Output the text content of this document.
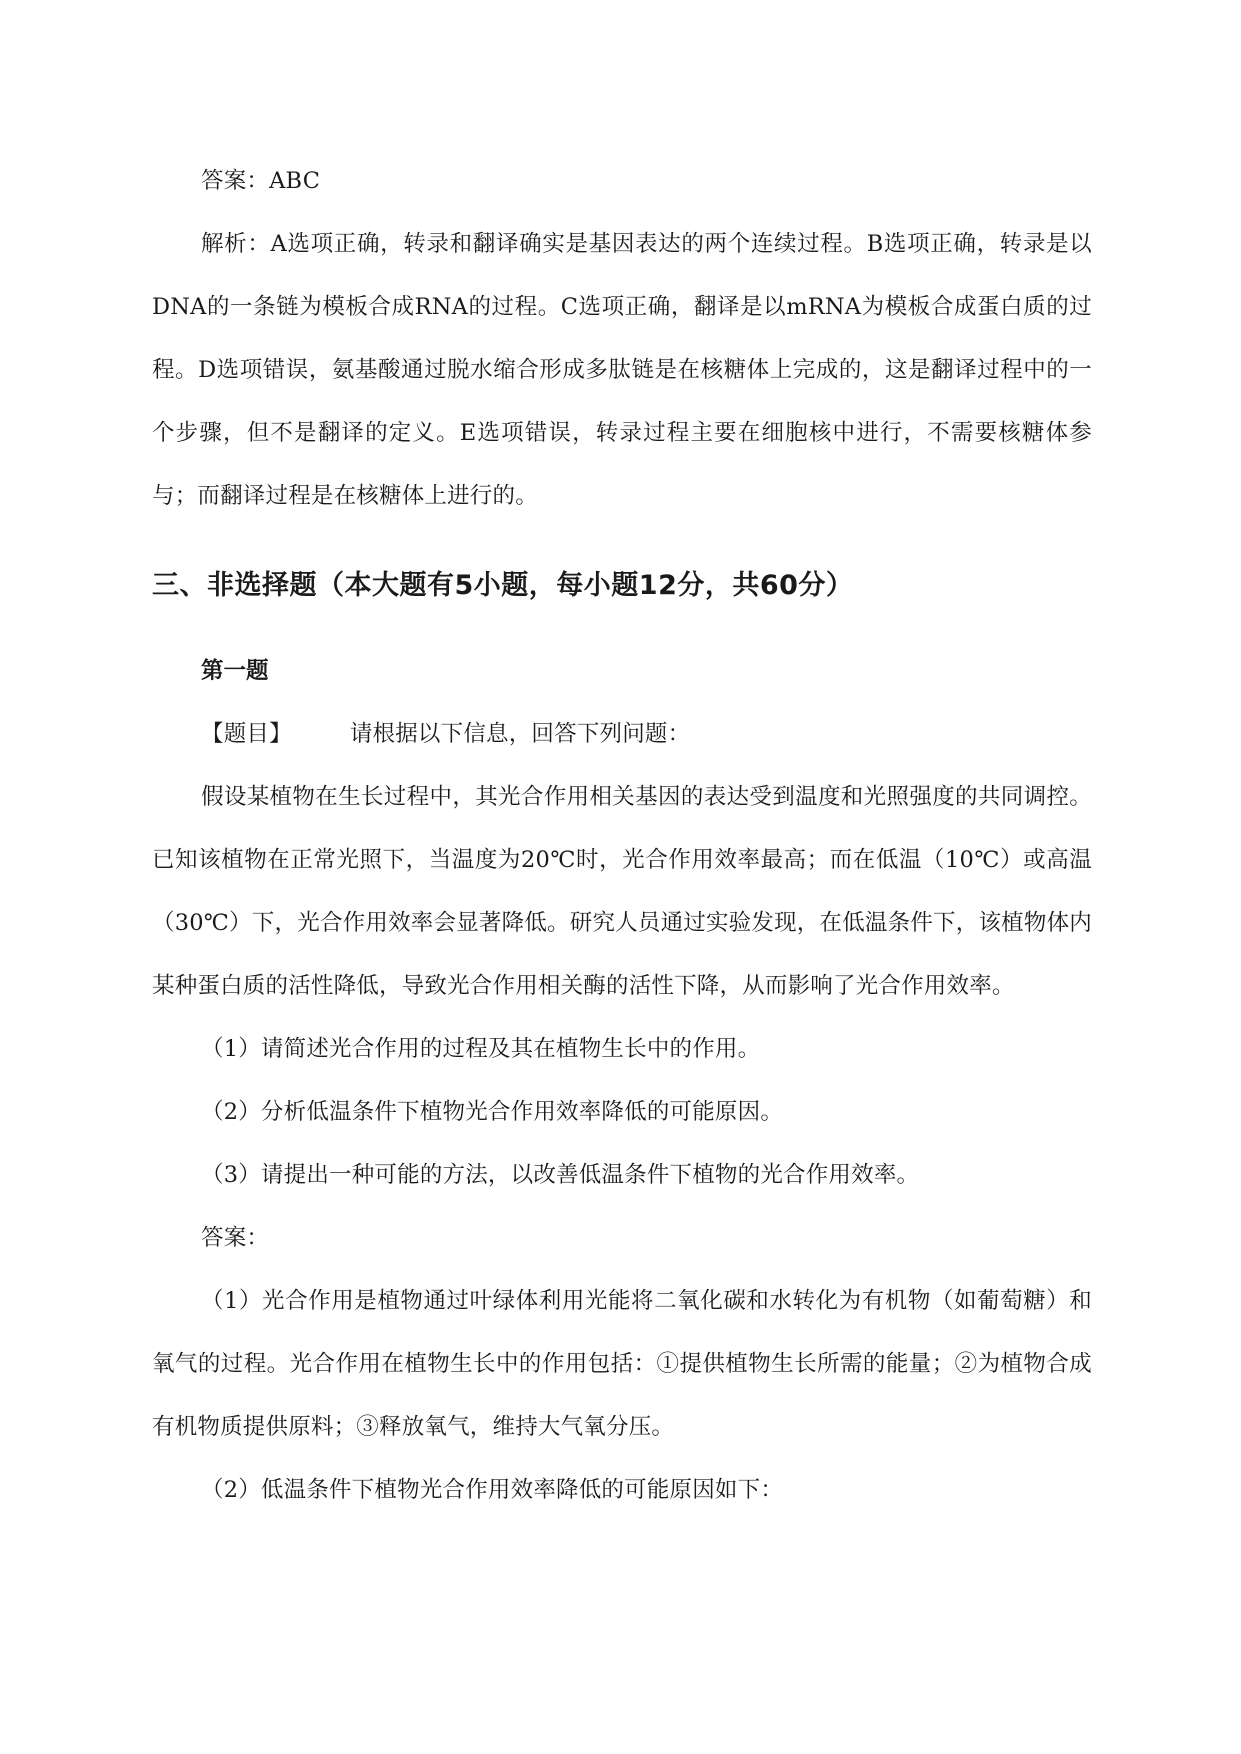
答案：ABC

解析：A选项正确，转录和翻译确实是基因表达的两个连续过程。B选项正确，转录是以DNA的一条链为模板合成RNA的过程。C选项正确，翻译是以mRNA为模板合成蛋白质的过程。D选项错误，氨基酸通过脱水缩合形成多肽链是在核糖体上完成的，这是翻译过程中的一个步骤，但不是翻译的定义。E选项错误，转录过程主要在细胞核中进行，不需要核糖体参与；而翻译过程是在核糖体上进行的。

三、非选择题（本大题有5小题，每小题12分，共60分）

第一题

【题目】	请根据以下信息，回答下列问题：

假设某植物在生长过程中，其光合作用相关基因的表达受到温度和光照强度的共同调控。已知该植物在正常光照下，当温度为20℃时，光合作用效率最高；而在低温（10℃）或高温（30℃）下，光合作用效率会显著降低。研究人员通过实验发现，在低温条件下，该植物体内某种蛋白质的活性降低，导致光合作用相关酶的活性下降，从而影响了光合作用效率。

（1）请简述光合作用的过程及其在植物生长中的作用。

（2）分析低温条件下植物光合作用效率降低的可能原因。

（3）请提出一种可能的方法，以改善低温条件下植物的光合作用效率。

答案：

（1）光合作用是植物通过叶绿体利用光能将二氧化碳和水转化为有机物（如葡萄糖）和氧气的过程。光合作用在植物生长中的作用包括：①提供植物生长所需的能量；②为植物合成有机物质提供原料；③释放氧气，维持大气氧分压。

（2）低温条件下植物光合作用效率降低的可能原因如下：
